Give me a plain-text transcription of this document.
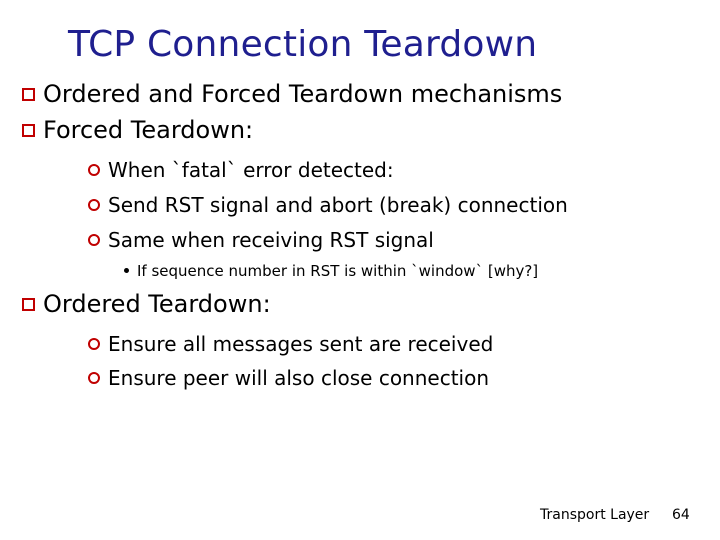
TCP Connection Teardown
Ordered and Forced Teardown mechanisms
Forced Teardown:
When `fatal` error detected:
Send RST signal and abort (break) connection
Same when receiving RST signal
If sequence number in RST is within `window` [why?]
Ordered Teardown:
Ensure all messages sent are received
Ensure peer will also close connection
Transport Layer 64
